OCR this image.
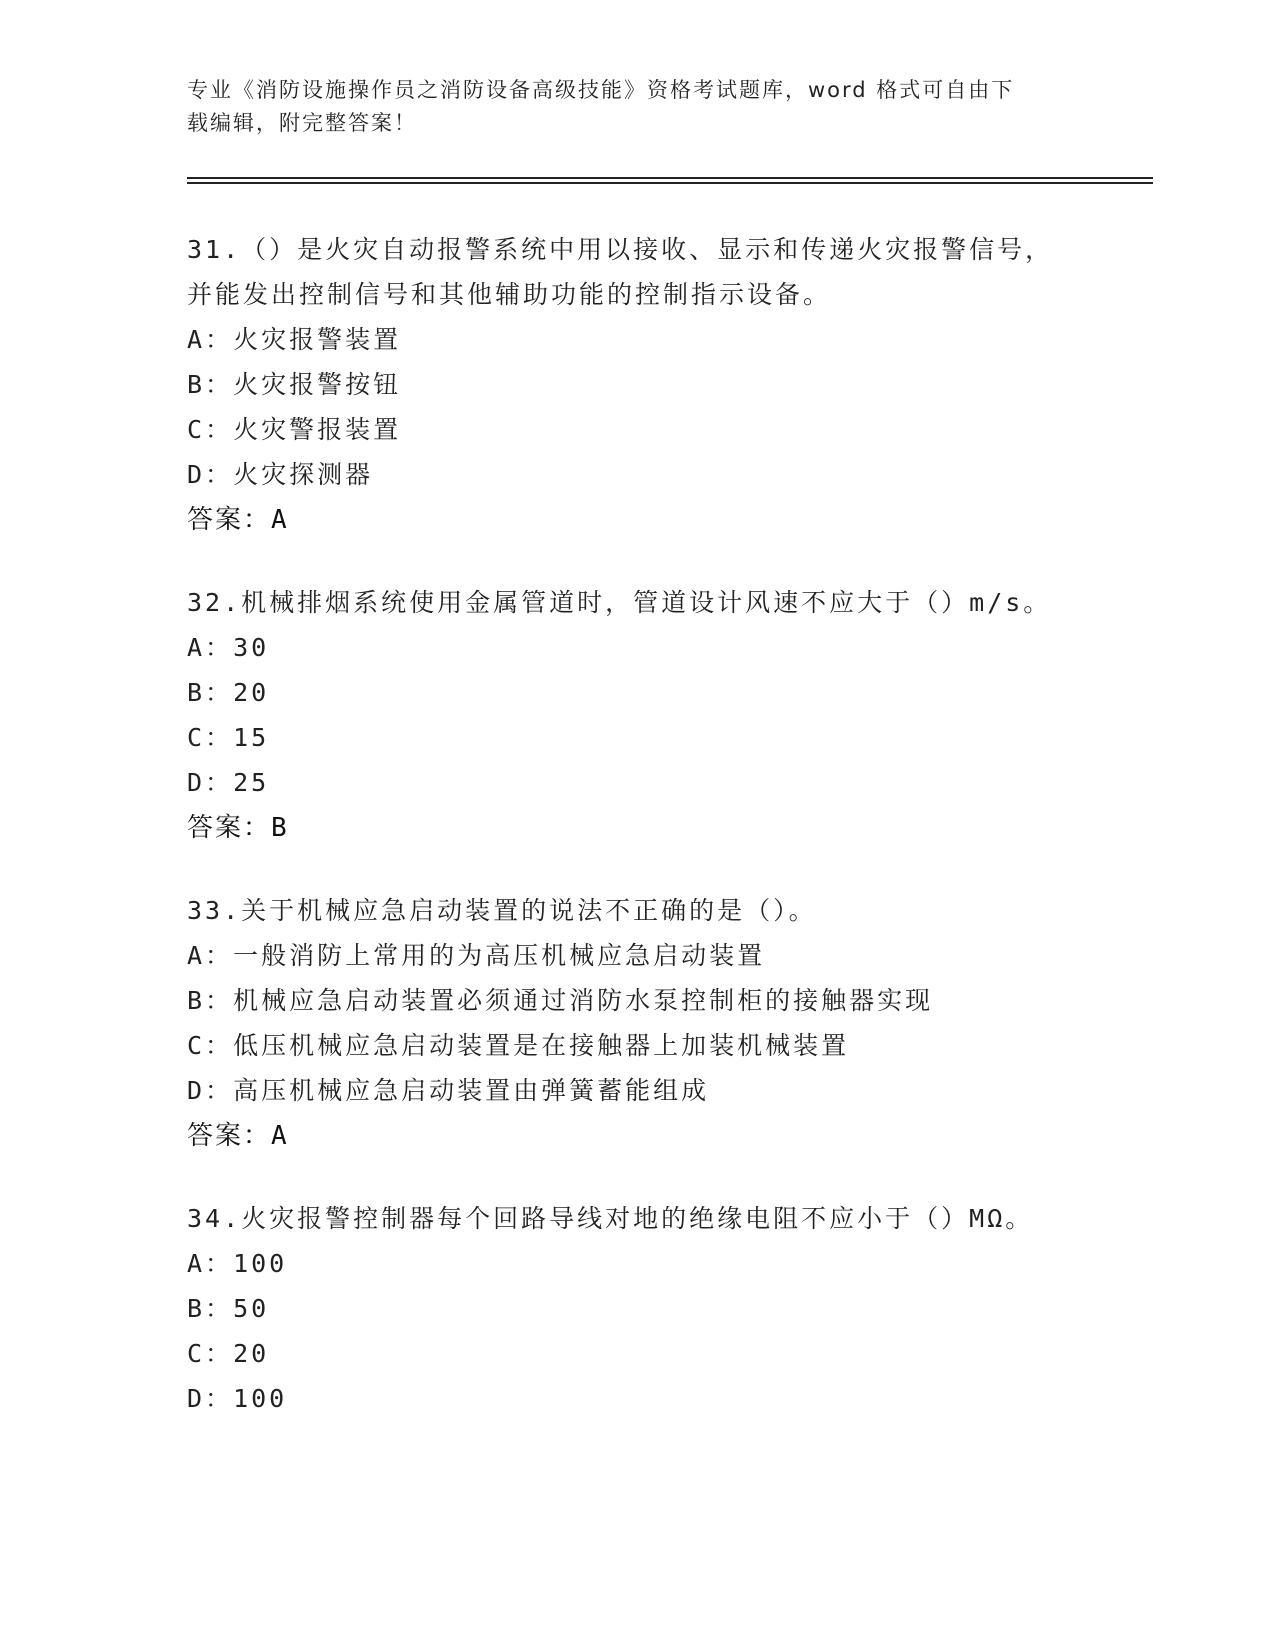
专业《消防设施操作员之消防设备高级技能》资格考试题库，word 格式可自由下
载编辑，附完整答案！

31.（）是火灾自动报警系统中用以接收、显示和传递火灾报警信号，

并能发出控制信号和其他辅助功能的控制指示设备。

A：火灾报警装置

B：火灾报警按钮

C：火灾警报装置

D：火灾探测器

答案：A

32.机械排烟系统使用金属管道时，管道设计风速不应大于（）m/s。

A：30

B：20

C：15

D：25

答案：B

33.关于机械应急启动装置的说法不正确的是（）。

A：一般消防上常用的为高压机械应急启动装置

B：机械应急启动装置必须通过消防水泵控制柜的接触器实现

C：低压机械应急启动装置是在接触器上加装机械装置

D：高压机械应急启动装置由弹簧蓄能组成

答案：A

34.火灾报警控制器每个回路导线对地的绝缘电阻不应小于（）MΩ。

A：100

B：50

C：20

D：100
